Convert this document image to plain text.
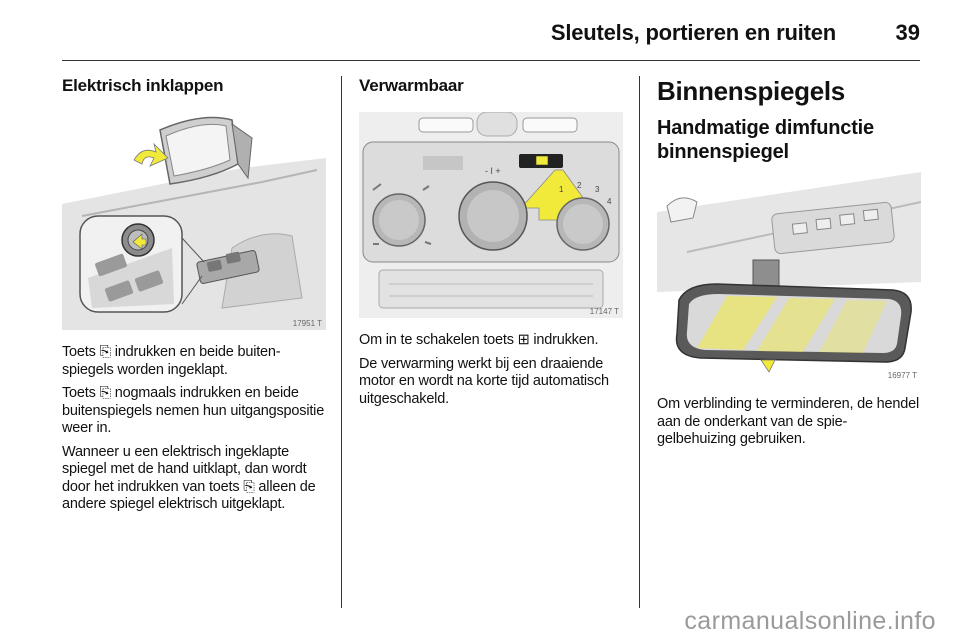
Sleutels, portieren en ruiten	39
Elektrisch inklappen
17951 T

Toets ⎘ indrukken en beide buitenspiegels worden ingeklapt.

Toets ⎘ nogmaals indrukken en beide buitenspiegels nemen hun uitgangspositie weer in.

Wanneer u een elektrisch ingeklapte spiegel met de hand uitklapt, dan wordt door het indrukken van toets ⎘ alleen de andere spiegel elektrisch uitgeklapt.

Verwarmbaar
- ǀ +
1 2 3
4
17147 T

Om in te schakelen toets ⊞ indrukken.

De verwarming werkt bij een draaiende motor en wordt na korte tijd automatisch uitgeschakeld.

Binnenspiegels
Handmatige dimfunctie binnenspiegel
16977 T

Om verblinding te verminderen, de hendel aan de onderkant van de spiegelbehuizing gebruiken.

carmanualsonline.info
